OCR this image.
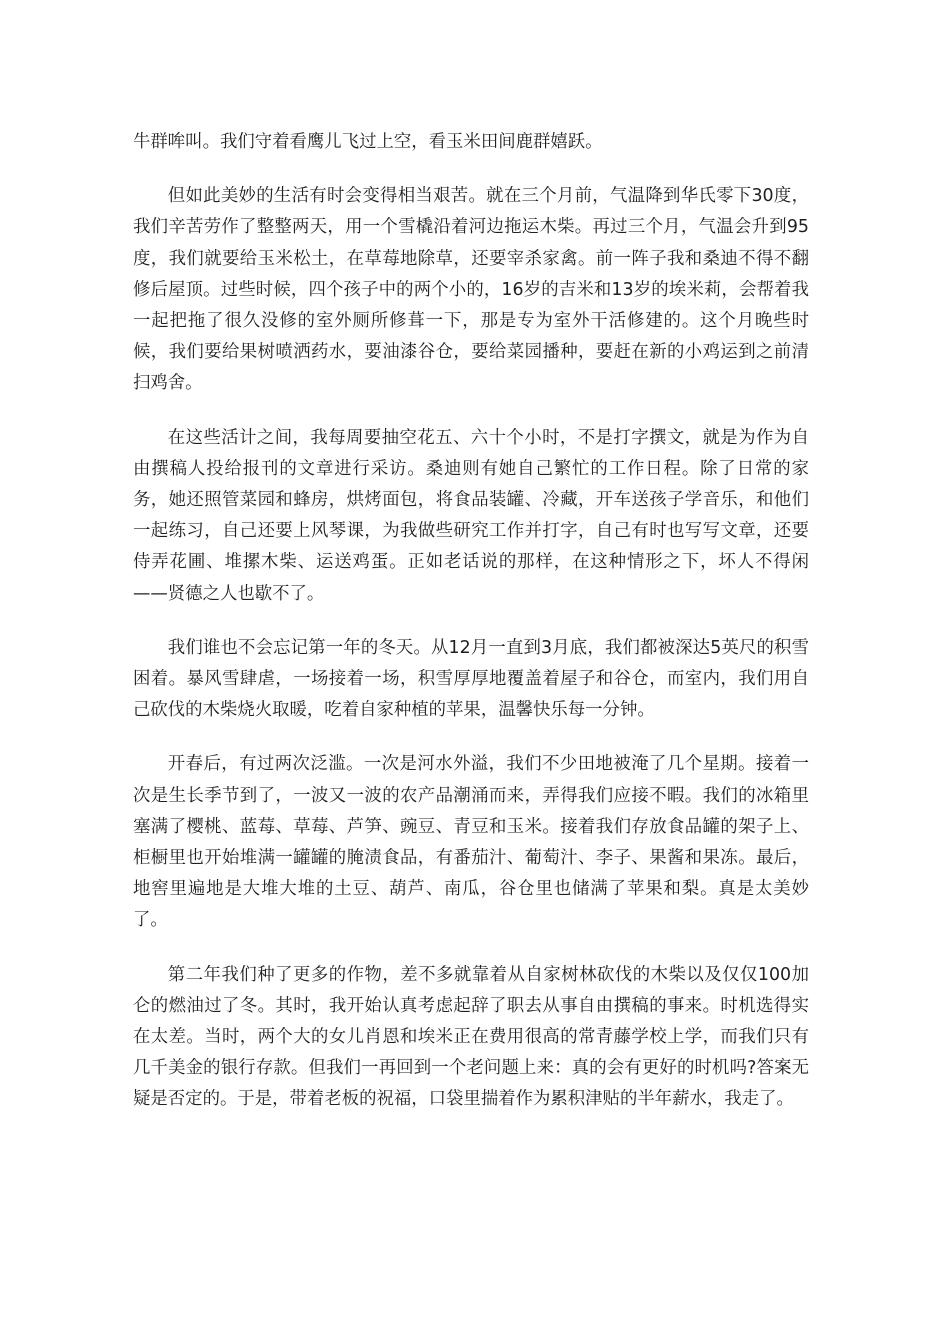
牛群哞叫。我们守着看鹰儿飞过上空，看玉米田间鹿群嬉跃。

但如此美妙的生活有时会变得相当艰苦。就在三个月前，气温降到华氏零下30度，我们辛苦劳作了整整两天，用一个雪橇沿着河边拖运木柴。再过三个月，气温会升到95度，我们就要给玉米松土，在草莓地除草，还要宰杀家禽。前一阵子我和桑迪不得不翻修后屋顶。过些时候，四个孩子中的两个小的，16岁的吉米和13岁的埃米莉，会帮着我一起把拖了很久没修的室外厕所修葺一下，那是专为室外干活修建的。这个月晚些时候，我们要给果树喷洒药水，要油漆谷仓，要给菜园播种，要赶在新的小鸡运到之前清扫鸡舍。

在这些活计之间，我每周要抽空花五、六十个小时，不是打字撰文，就是为作为自由撰稿人投给报刊的文章进行采访。桑迪则有她自己繁忙的工作日程。除了日常的家务，她还照管菜园和蜂房，烘烤面包，将食品装罐、冷藏，开车送孩子学音乐，和他们一起练习，自己还要上风琴课，为我做些研究工作并打字，自己有时也写写文章，还要侍弄花圃、堆摞木柴、运送鸡蛋。正如老话说的那样，在这种情形之下，坏人不得闲——贤德之人也歇不了。

我们谁也不会忘记第一年的冬天。从12月一直到3月底，我们都被深达5英尺的积雪困着。暴风雪肆虐，一场接着一场，积雪厚厚地覆盖着屋子和谷仓，而室内，我们用自己砍伐的木柴烧火取暖，吃着自家种植的苹果，温馨快乐每一分钟。

开春后，有过两次泛滥。一次是河水外溢，我们不少田地被淹了几个星期。接着一次是生长季节到了，一波又一波的农产品潮涌而来，弄得我们应接不暇。我们的冰箱里塞满了樱桃、蓝莓、草莓、芦笋、豌豆、青豆和玉米。接着我们存放食品罐的架子上、柜橱里也开始堆满一罐罐的腌渍食品，有番茄汁、葡萄汁、李子、果酱和果冻。最后，地窖里遍地是大堆大堆的土豆、葫芦、南瓜，谷仓里也储满了苹果和梨。真是太美妙了。

第二年我们种了更多的作物，差不多就靠着从自家树林砍伐的木柴以及仅仅100加仑的燃油过了冬。其时，我开始认真考虑起辞了职去从事自由撰稿的事来。时机选得实在太差。当时，两个大的女儿肖恩和埃米正在费用很高的常青藤学校上学，而我们只有几千美金的银行存款。但我们一再回到一个老问题上来：真的会有更好的时机吗?答案无疑是否定的。于是，带着老板的祝福，口袋里揣着作为累积津贴的半年薪水，我走了。
